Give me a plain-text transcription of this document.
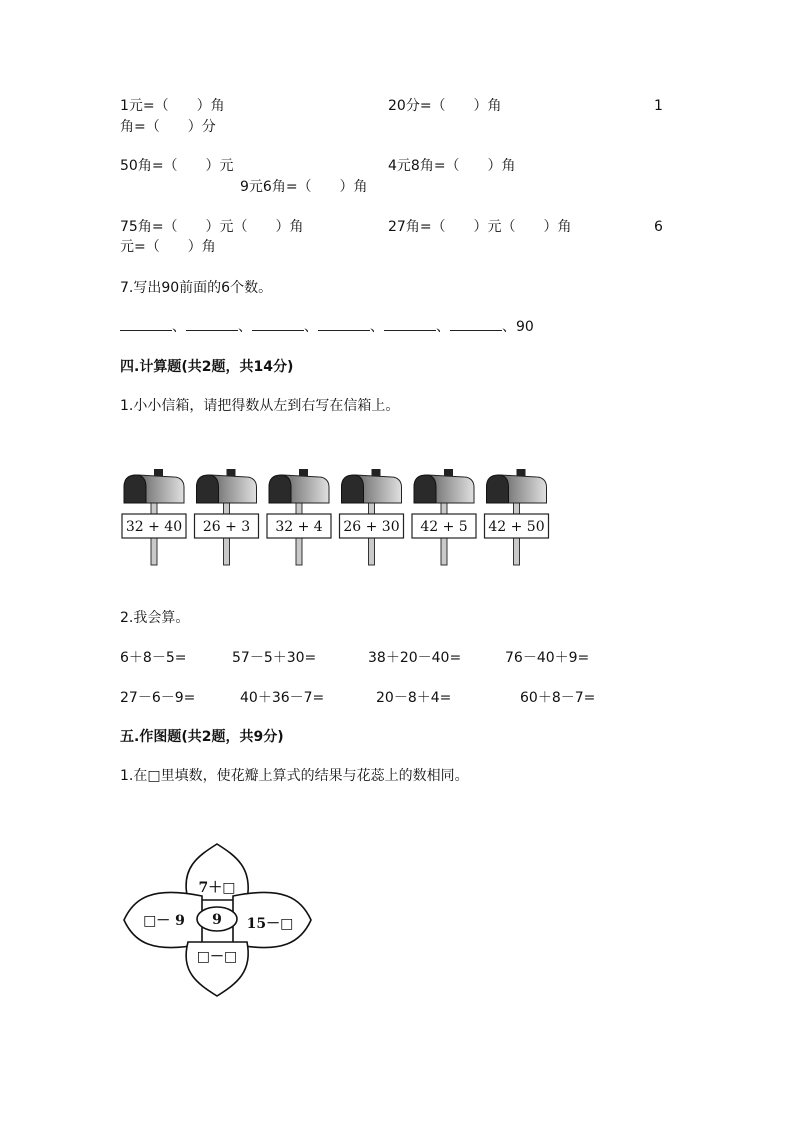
1元=（　　）角	20分=（　　）角	1
角=（　　）分
50角=（　　）元	4元8角=（　　）角
9元6角=（　　）角
75角=（　　）元（　　）角	27角=（　　）元（　　）角	6
元=（　　）角
7.写出90前面的6个数。
、	、	、	、	、	、90
四.计算题(共2题，共14分)
1.小小信箱，请把得数从左到右写在信箱上。
32 + 40 26 + 3 32 + 4 26 + 30 42 + 5 42 + 50
2.我会算。
6＋8－5=	57－5＋30=	38＋20－40=	76－40＋9=
27－6－9=	40＋36－7=	20－8＋4=	60＋8－7=
五.作图题(共2题，共9分)
1.在□里填数，使花瓣上算式的结果与花蕊上的数相同。
7＋□
□－ 9	15－□
□－□
9
